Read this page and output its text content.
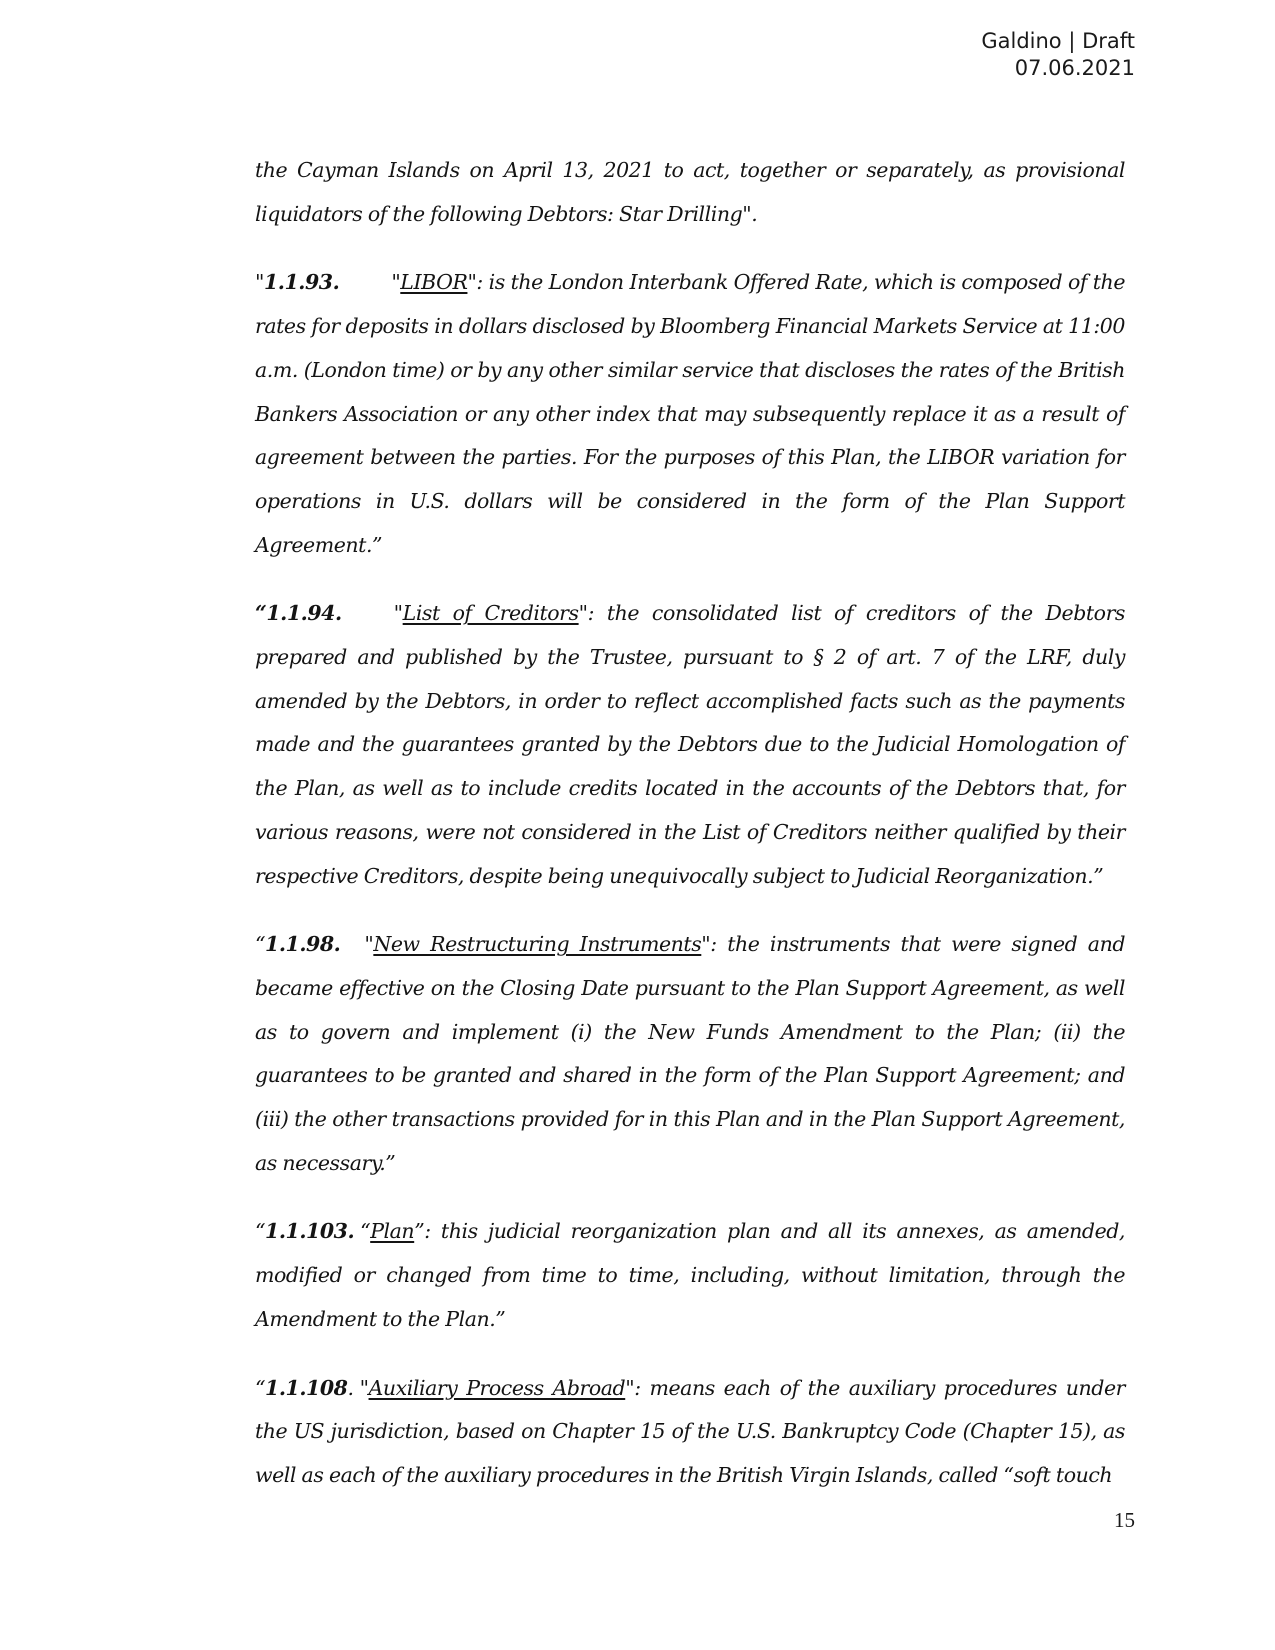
Galdino | Draft
07.06.2021

the Cayman Islands on April 13, 2021 to act, together or separately, as provisional liquidators of the following Debtors: Star Drilling".

"1.1.93.	"LIBOR": is the London Interbank Offered Rate, which is composed of the rates for deposits in dollars disclosed by Bloomberg Financial Markets Service at 11:00 a.m. (London time) or by any other similar service that discloses the rates of the British Bankers Association or any other index that may subsequently replace it as a result of agreement between the parties. For the purposes of this Plan, the LIBOR variation for operations in U.S. dollars will be considered in the form of the Plan Support Agreement.”

“1.1.94.	"List of Creditors": the consolidated list of creditors of the Debtors prepared and published by the Trustee, pursuant to § 2 of art. 7 of the LRF, duly amended by the Debtors, in order to reflect accomplished facts such as the payments made and the guarantees granted by the Debtors due to the Judicial Homologation of the Plan, as well as to include credits located in the accounts of the Debtors that, for various reasons, were not considered in the List of Creditors neither qualified by their respective Creditors, despite being unequivocally subject to Judicial Reorganization.”

“1.1.98. "New Restructuring Instruments": the instruments that were signed and became effective on the Closing Date pursuant to the Plan Support Agreement, as well as to govern and implement (i) the New Funds Amendment to the Plan; (ii) the guarantees to be granted and shared in the form of the Plan Support Agreement; and (iii) the other transactions provided for in this Plan and in the Plan Support Agreement, as necessary.”

“1.1.103. “Plan”: this judicial reorganization plan and all its annexes, as amended, modified or changed from time to time, including, without limitation, through the Amendment to the Plan.”

“1.1.108. "Auxiliary Process Abroad": means each of the auxiliary procedures under the US jurisdiction, based on Chapter 15 of the U.S. Bankruptcy Code (Chapter 15), as well as each of the auxiliary procedures in the British Virgin Islands, called “soft touch

15
